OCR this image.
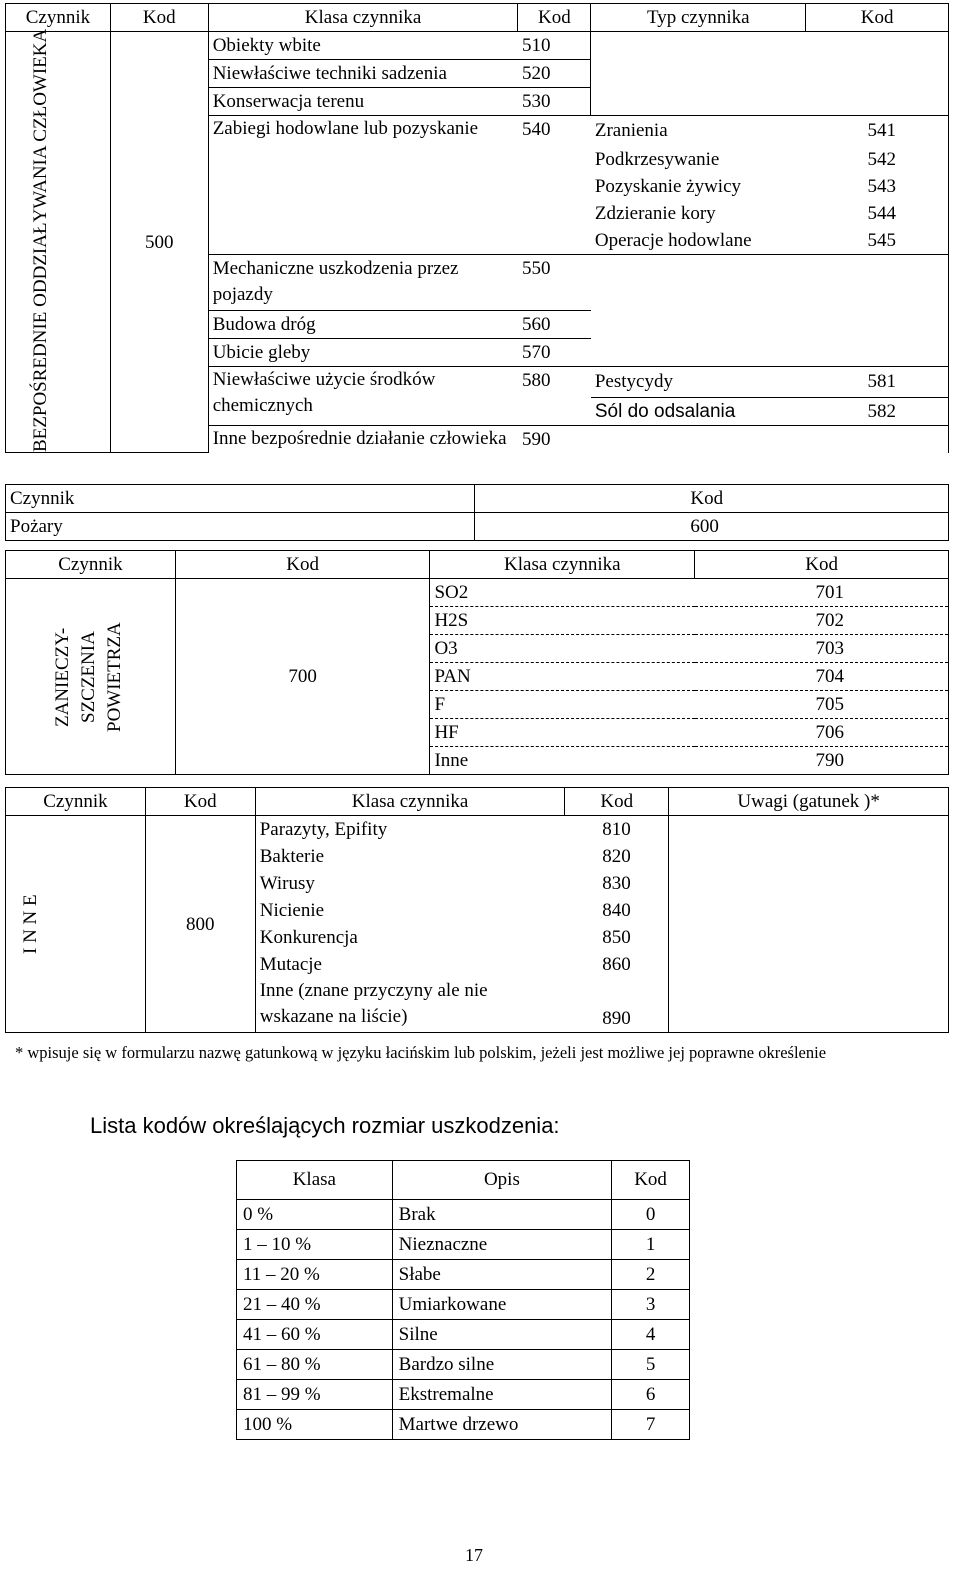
Czynnik	Kod	Klasa czynnika	Kod	Typ czynnika	Kod

BEZPOŚREDNIE ODDZIAŁYWANIA CZŁOWIEKA	500	Obiekty wbite	510		
		Niewłaściwe techniki sadzenia	520		
		Konserwacja terenu	530		
		Zabiegi hodowlane lub pozyskanie	540	Zranienia	541
				Podkrzesywanie	542
				Pozyskanie żywicy	543
				Zdzieranie kory	544
				Operacje hodowlane	545
		Mechaniczne uszkodzenia przez pojazdy	550		
		Budowa dróg	560		
		Ubicie gleby	570		
		Niewłaściwe użycie środków chemicznych	580	Pestycydy	581
				Sól do odsalania	582
		Inne bezpośrednie działanie człowieka	590		
Czynnik	Kod
Pożary	600
Czynnik	Kod	Klasa czynnika	Kod

ZANIECZY-SZCZENIA POWIETRZA	700	SO2	701
		H2S	702
		O3	703
		PAN	704
		F	705
		HF	706
		Inne	790
Czynnik	Kod	Klasa czynnika	Kod	Uwagi (gatunek )*

I N N E	800	Parazyty, Epifity	810	
		Bakterie	820	
		Wirusy	830	
		Nicienie	840	
		Konkurencja	850	
		Mutacje	860	
		Inne (znane przyczyny ale nie wskazane na liściе)	890	
* wpisuje się w formularzu nazwę gatunkową w języku łacińskim lub polskim, jeżeli jest możliwe jej poprawne określenie
Lista kodów określających rozmiar uszkodzenia:
Klasa	Opis	Kod
0 %	Brak	0
1 – 10 %	Nieznaczne	1
11 – 20 %	Słabe	2
21 – 40 %	Umiarkowane	3
41 – 60 %	Silne	4
61 – 80 %	Bardzo silne	5
81 – 99 %	Ekstremalne	6
100 %	Martwe drzewo	7
17
